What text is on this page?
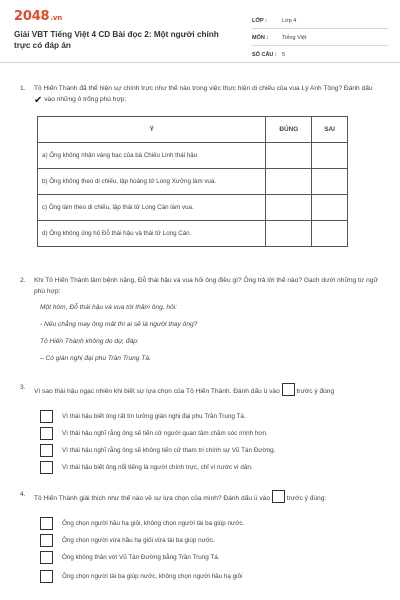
2048.vn
Giải VBT Tiếng Việt 4 CD Bài đọc 2: Một người chính trực có đáp án
LỚP :	Lớp 4
MÔN :	Tiếng Việt
SỐ CÂU : 5
1. Tô Hiến Thành đã thể hiện sự chính trực như thế nào trong việc thực hiện di chiếu của vua Lý Anh Tông? Đánh dấu ✔ vào những ô trống phù hợp:
Ý	ĐÚNG	SAI
a) Ông không nhận vàng bạc của bà Chiêu Linh thái hậu		
b) Ông không theo di chiếu, lập hoàng tử Long Xưởng làm vua.		
c) Ông làm theo di chiếu, lập thái tử Long Cán làm vua.		
d) Ông không ủng hộ Đỗ thái hậu và thái tử Long Cán.		
2. Khi Tô Hiến Thành lâm bệnh nặng, Đỗ thái hậu và vua hỏi ông điều gì? Ông trả lời thế nào? Gạch dưới những từ ngữ phù hợp:
Một hôm, Đỗ thái hậu và vua tới thăm ông, hỏi:
- Nếu chẳng may ông mất thì ai sẽ là người thay ông?
Tô Hiến Thành không do dự, đáp:
– Có gián nghị đại phu Trần Trung Tá.
3.
Vì sao thái hậu ngạc nhiên khi biết sự lựa chọn của Tô Hiến Thành. Đánh dấu ü vào	trước ý đúng
Vì thái hậu biết ông rất tín tưởng gián nghị đại phu Trần Trung Tá.
Vì thái hậu nghĩ rằng ông sẽ tiến cử người quan tâm chăm sóc mình hơn.
Vì thái hậu nghĩ rằng ông sẽ không tiến cử tham tri chính sự Vũ Tán Đường.
Vì thái hậu biết ông nổi tiếng là người chính trực, chỉ vì nước vì dân.
4.
Tô Hiến Thành giải thích như thế nào về sự lựa chọn của mình? Đánh dấu ü vào	trước ý đúng:
Ông chọn người hầu hạ giỏi, không chọn người tài ba giúp nước.
Ông chọn người vừa hầu hạ giỏi vừa tài ba giúp nước.
Ông không thân với Vũ Tán Đường bằng Trần Trung Tá.
Ông chọn người tài ba giúp nước, không chọn người hầu hạ giỏi
